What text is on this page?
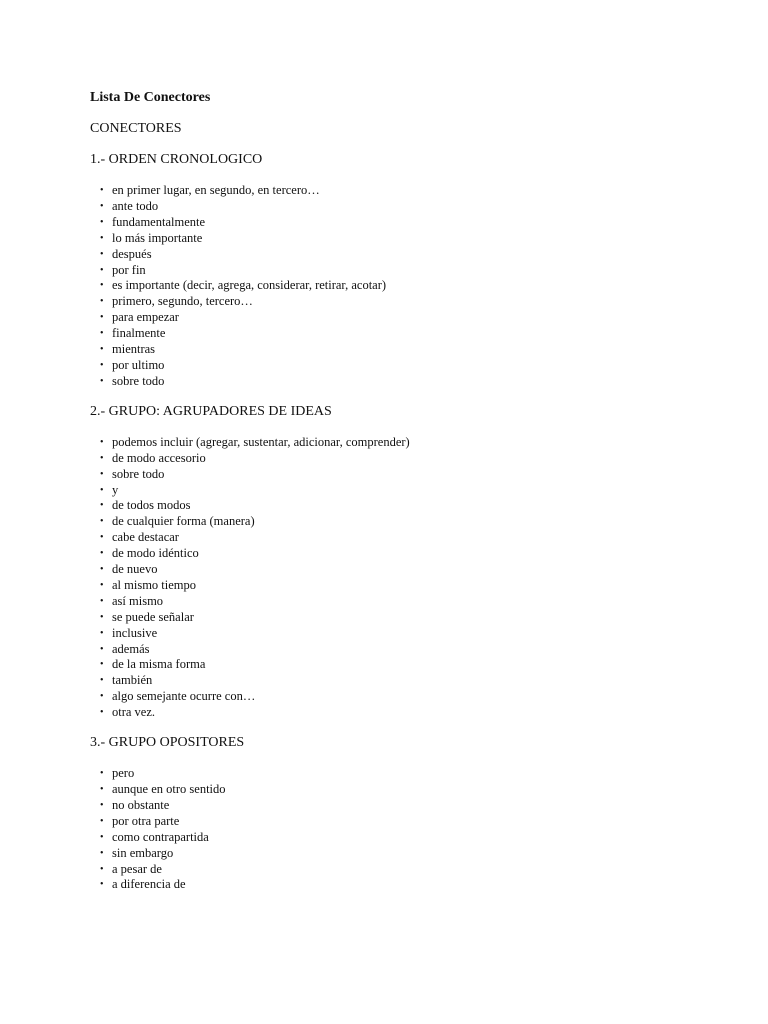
Lista De Conectores

CONECTORES

1.- ORDEN CRONOLOGICO
• en primer lugar, en segundo, en tercero…
• ante todo
• fundamentalmente
• lo más importante
• después
• por fin
• es importante (decir, agrega, considerar, retirar, acotar)
• primero, segundo, tercero…
• para empezar
• finalmente
• mientras
• por ultimo
• sobre todo
2.- GRUPO: AGRUPADORES DE IDEAS
• podemos incluir (agregar, sustentar, adicionar, comprender)
• de modo accesorio
• sobre todo
• y
• de todos modos
• de cualquier forma (manera)
• cabe destacar
• de modo idéntico
• de nuevo
• al mismo tiempo
• así mismo
• se puede señalar
• inclusive
• además
• de la misma forma
• también
• algo semejante ocurre con…
• otra vez.
3.- GRUPO OPOSITORES
• pero
• aunque en otro sentido
• no obstante
• por otra parte
• como contrapartida
• sin embargo
• a pesar de
• a diferencia de
